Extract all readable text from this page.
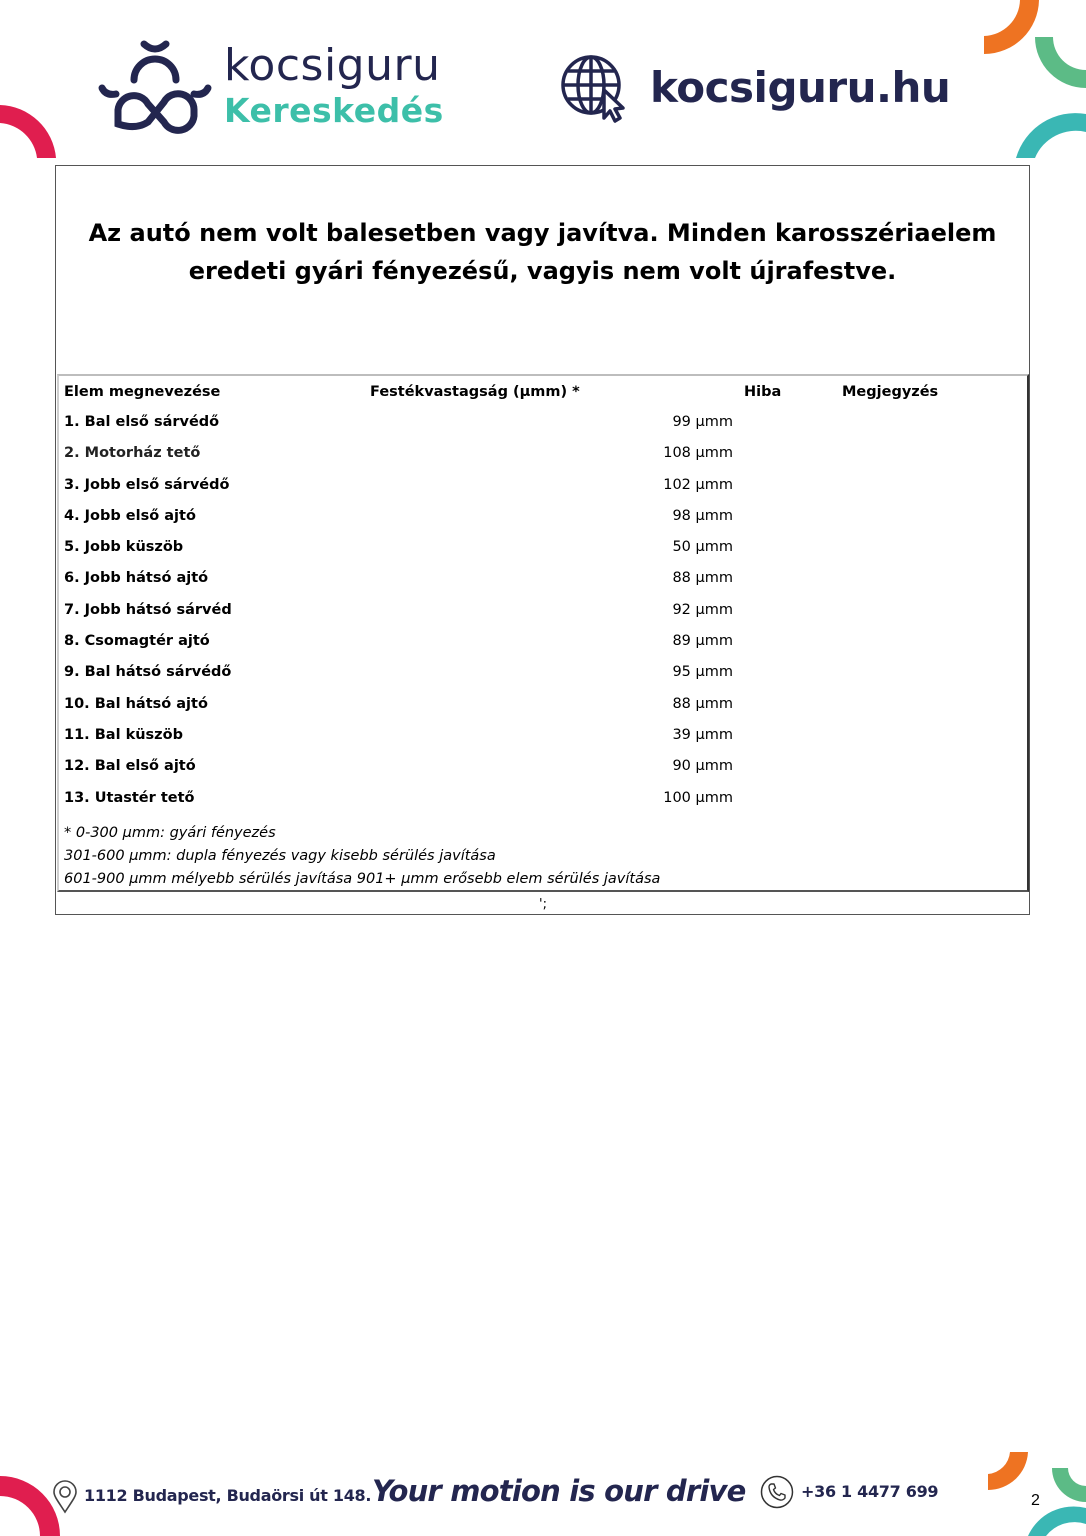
kocsiguru
Kereskedés	kocsiguru.hu
Az autó nem volt balesetben vagy javítva. Minden karosszériaelem
eredeti gyári fényezésű, vagyis nem volt újrafestve.
Elem megnevezése	Festékvastagság (µmm) *	Hiba	Megjegyzés
1. Bal első sárvédő	99 µmm
2. Motorház tető	108 µmm
3. Jobb első sárvédő	102 µmm
4. Jobb első ajtó	98 µmm
5. Jobb küszöb	50 µmm
6. Jobb hátsó ajtó	88 µmm
7. Jobb hátsó sárvéd	92 µmm
8. Csomagtér ajtó	89 µmm
9. Bal hátsó sárvédő	95 µmm
10. Bal hátsó ajtó	88 µmm
11. Bal küszöb	39 µmm
12. Bal első ajtó	90 µmm
13. Utastér tető	100 µmm
* 0-300 µmm: gyári fényezés
301-600 µmm: dupla fényezés vagy kisebb sérülés javítása
601-900 µmm mélyebb sérülés javítása 901+ µmm erősebb elem sérülés javítása
';
1112 Budapest, Budaörsi út 148. Your motion is our drive	+36 1 4477 699	2
